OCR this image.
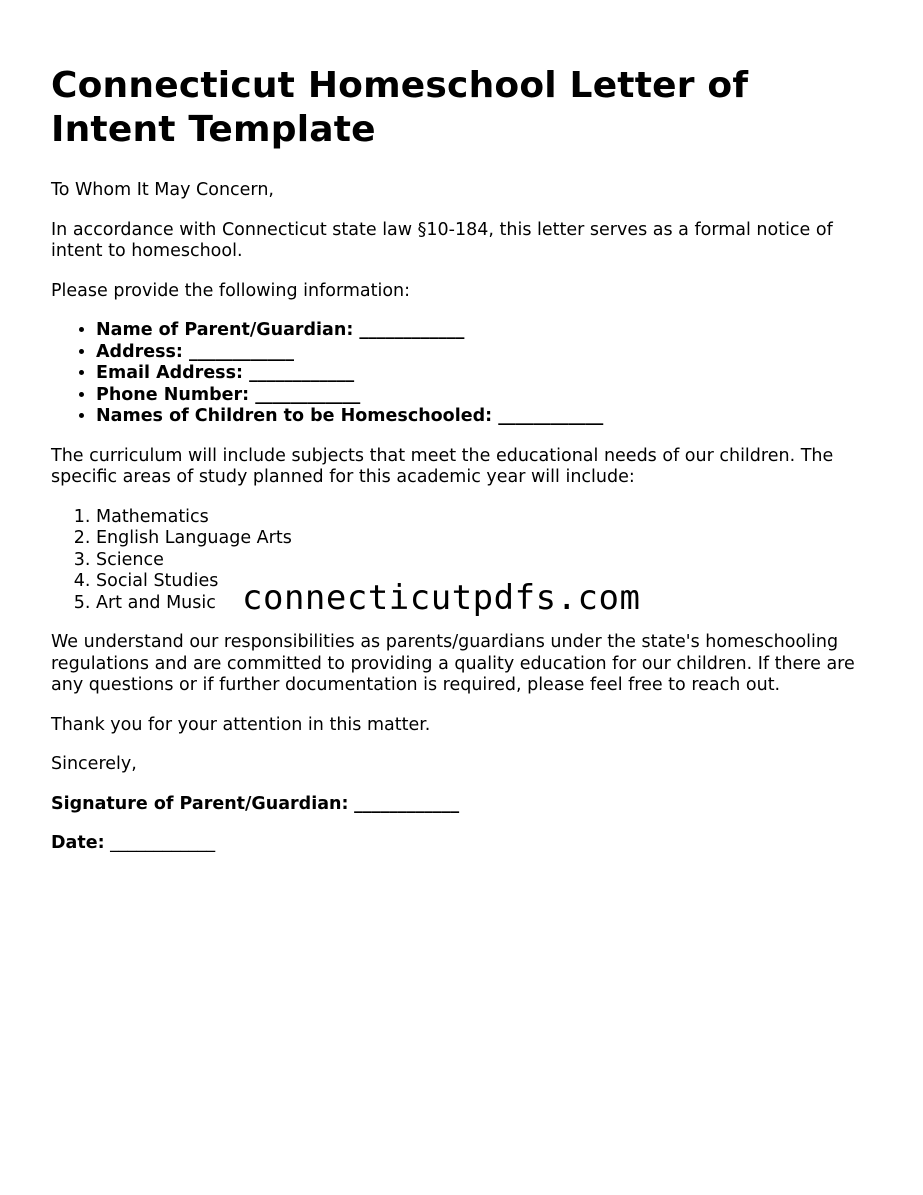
Connecticut Homeschool Letter of Intent Template

To Whom It May Concern,

In accordance with Connecticut state law §10-184, this letter serves as a formal notice of intent to homeschool.

Please provide the following information:

• Name of Parent/Guardian: ____________
• Address: ____________
• Email Address: ____________
• Phone Number: ____________
• Names of Children to be Homeschooled: ____________

The curriculum will include subjects that meet the educational needs of our children. The specific areas of study planned for this academic year will include:

1. Mathematics
2. English Language Arts
3. Science
4. Social Studies
5. Art and Music

We understand our responsibilities as parents/guardians under the state's homeschooling regulations and are committed to providing a quality education for our children. If there are any questions or if further documentation is required, please feel free to reach out.

Thank you for your attention in this matter.

Sincerely,

Signature of Parent/Guardian: ____________

Date: ____________

connecticutpdfs.com
